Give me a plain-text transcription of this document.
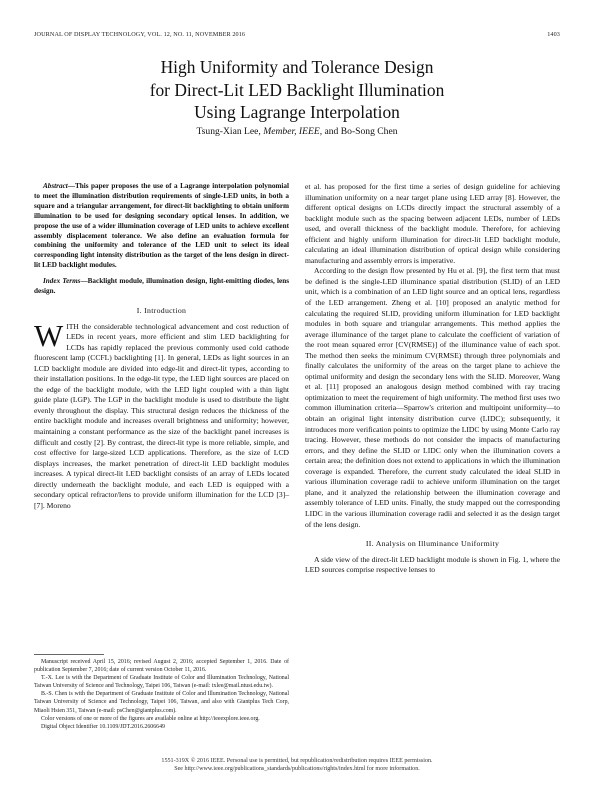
JOURNAL OF DISPLAY TECHNOLOGY, VOL. 12, NO. 11, NOVEMBER 2016	1403
High Uniformity and Tolerance Design
for Direct-Lit LED Backlight Illumination
Using Lagrange Interpolation
Tsung-Xian Lee, Member, IEEE, and Bo-Song Chen

Abstract—This paper proposes the use of a Lagrange interpolation polynomial to meet the illumination distribution requirements of single-LED units, in both a square and a triangular arrangement, for direct-lit backlighting to obtain uniform illumination to be used for designing secondary optical lenses. In addition, we propose the use of a wider illumination coverage of LED units to achieve excellent assembly displacement tolerance. We also define an evaluation formula for combining the uniformity and tolerance of the LED unit to select its ideal corresponding light intensity distribution as the target of the lens design in direct-lit LED backlight modules.

Index Terms—Backlight module, illumination design, light-emitting diodes, lens design.

I. Introduction

WITH the considerable technological advancement and cost reduction of LEDs in recent years, more efficient and slim LED backlighting for LCDs has rapidly replaced the previous commonly used cold cathode fluorescent lamp (CCFL) backlighting [1]. In general, LEDs as light sources in an LCD backlight module are divided into edge-lit and direct-lit types, according to their installation positions. In the edge-lit type, the LED light sources are placed on the edge of the backlight module, with the LED light coupled with a thin light guide plate (LGP). The LGP in the backlight module is used to distribute the light evenly throughout the display. This structural design reduces the thickness of the entire backlight module and increases overall brightness and uniformity; however, maintaining a constant performance as the size of the backlight panel increases is difficult and costly [2]. By contrast, the direct-lit type is more reliable, simple, and cost effective for large-sized LCD applications. Therefore, as the size of LCD displays increases, the market penetration of direct-lit LED backlight modules increases. A typical direct-lit LED backlight consists of an array of LEDs located directly underneath the backlight module, and each LED is equipped with a secondary optical refractor/lens to provide uniform illumination for the LCD [3]–[7]. Moreno

Manuscript received April 15, 2016; revised August 2, 2016; accepted September 1, 2016. Date of publication September 7, 2016; date of current version October 11, 2016.

T.-X. Lee is with the Department of Graduate Institute of Color and Illumination Technology, National Taiwan University of Science and Technology, Taipei 106, Taiwan (e-mail: txlee@mail.ntust.edu.tw).

B.-S. Chen is with the Department of Graduate Institute of Color and Illumination Technology, National Taiwan University of Science and Technology, Taipei 106, Taiwan, and also with Giantplus Tech Corp, Miaoli Hsien 351, Taiwan (e-mail: psChen@giantplus.com).

Color versions of one or more of the figures are available online at http://ieeexplore.ieee.org.

Digital Object Identifier 10.1109/JDT.2016.2606649

et al. has proposed for the first time a series of design guideline for achieving illumination uniformity on a near target plane using LED array [8]. However, the different optical designs on LCDs directly impact the structural assembly of a backlight module such as the spacing between adjacent LEDs, number of LEDs used, and overall thickness of the backlight module. Therefore, for achieving efficient and highly uniform illumination for direct-lit LED backlight module, calculating an ideal illumination distribution of optical design while considering manufacturing and assembly errors is imperative.

According to the design flow presented by Hu et al. [9], the first term that must be defined is the single-LED illuminance spatial distribution (SLID) of an LED unit, which is a combination of an LED light source and an optical lens, regardless of the LED arrangement. Zheng et al. [10] proposed an analytic method for calculating the required SLID, providing uniform illumination for LED backlight modules in both square and triangular arrangements. This method applies the average illuminance of the target plane to calculate the coefficient of variation of the root mean squared error [CV(RMSE)] of the illuminance value of each spot. The method then seeks the minimum CV(RMSE) through three polynomials and finally calculates the uniformity of the areas on the target plane to achieve the optimal uniformity and design the secondary lens with the SLID. Moreover, Wang et al. [11] proposed an analogous design method combined with ray tracing optimization to meet the requirement of high uniformity. The method first uses two common illumination criteria—Sparrow's criterion and multipoint uniformity—to obtain an original light intensity distribution curve (LIDC); subsequently, it introduces more verification points to optimize the LIDC by using Monte Carlo ray tracing. However, these methods do not consider the impacts of manufacturing errors, and they define the SLID or LIDC only when the illumination covers a certain area; the definition does not extend to applications in which the illumination coverage is expanded. Therefore, the current study calculated the ideal SLID in various illumination coverage radii to achieve uniform illumination on the target plane, and it analyzed the relationship between the illumination coverage and assembly tolerance of LED units. Finally, the study mapped out the corresponding LIDC in the various illumination coverage radii and selected it as the design target of the lens design.

II. Analysis on Illuminance Uniformity

A side view of the direct-lit LED backlight module is shown in Fig. 1, where the LED sources comprise respective lenses to

1551-319X © 2016 IEEE. Personal use is permitted, but republication/redistribution requires IEEE permission.
See http://www.ieee.org/publications_standards/publications/rights/index.html for more information.
